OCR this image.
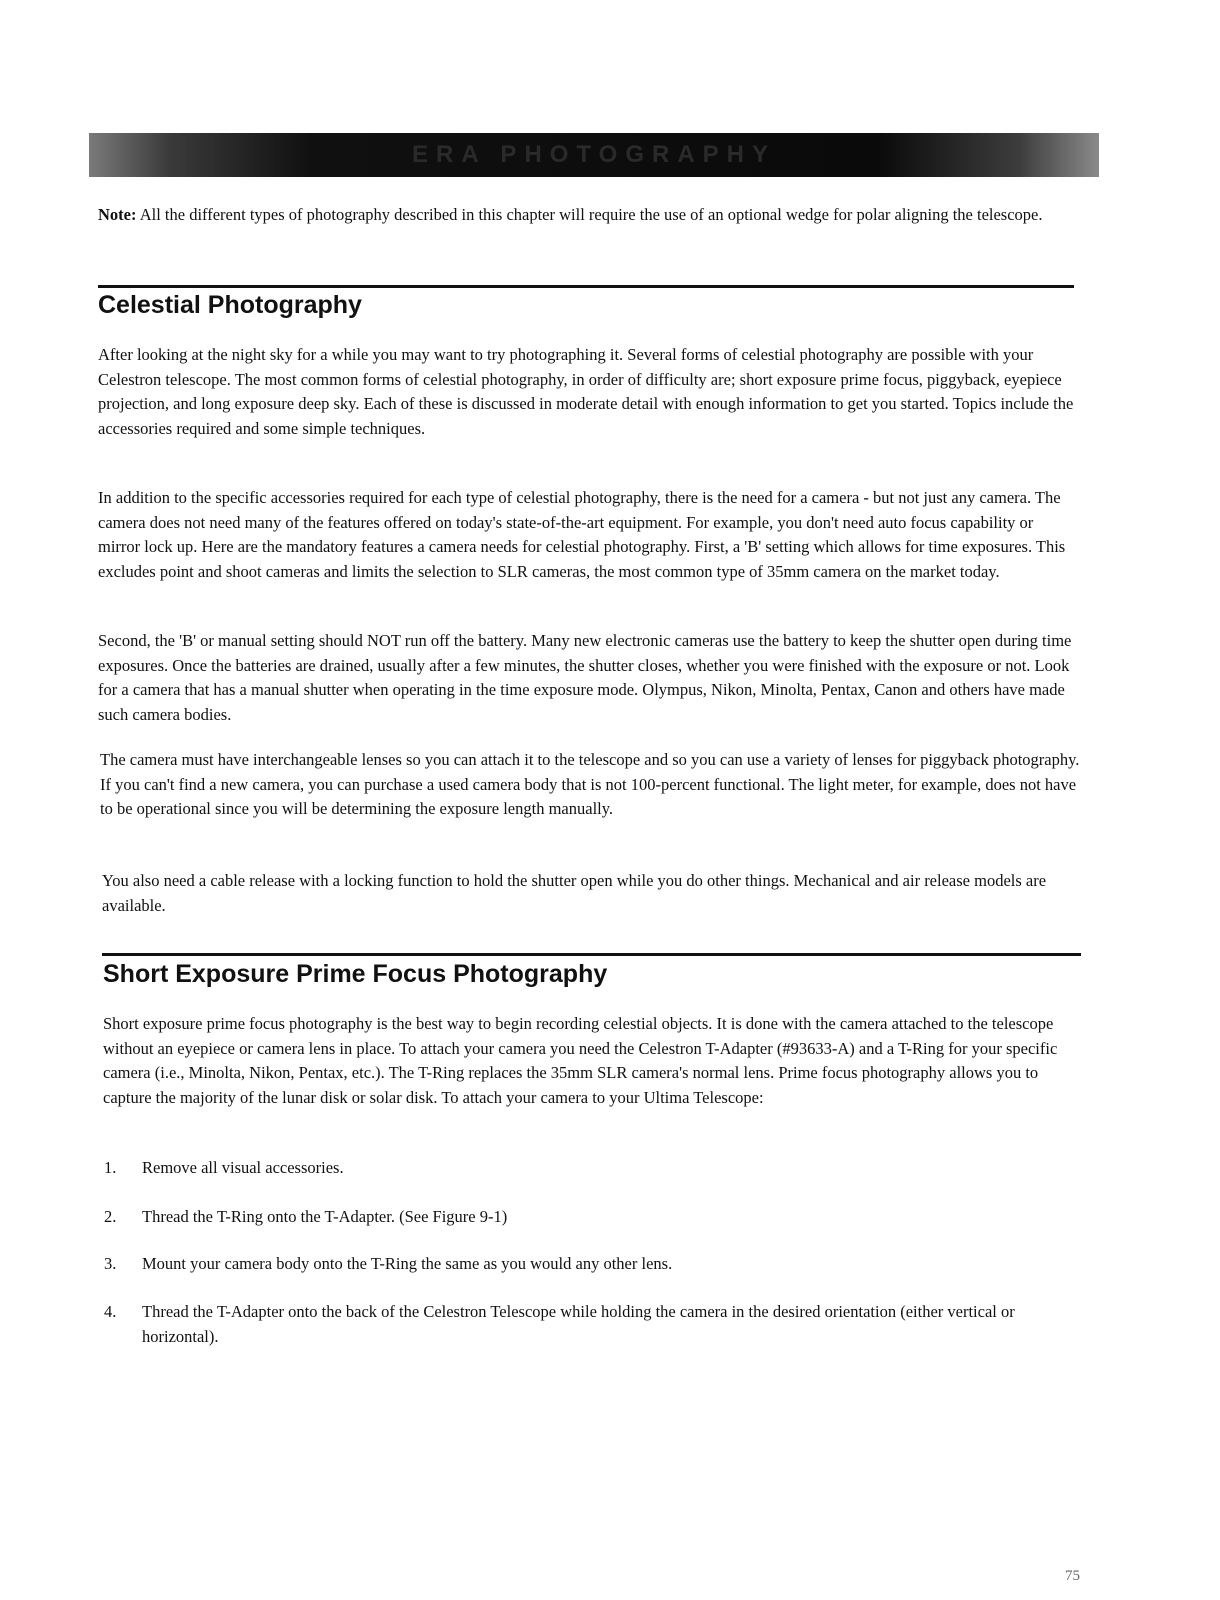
ERA PHOTOGRAPHY

Note: All the different types of photography described in this chapter will require the use of an optional wedge for polar aligning the telescope.

Celestial Photography

After looking at the night sky for a while you may want to try photographing it. Several forms of celestial photography are possible with your Celestron telescope. The most common forms of celestial photography, in order of difficulty are; short exposure prime focus, piggyback, eyepiece projection, and long exposure deep sky. Each of these is discussed in moderate detail with enough information to get you started. Topics include the accessories required and some simple techniques.

In addition to the specific accessories required for each type of celestial photography, there is the need for a camera - but not just any camera. The camera does not need many of the features offered on today's state-of-the-art equipment. For example, you don't need auto focus capability or mirror lock up. Here are the mandatory features a camera needs for celestial photography. First, a 'B' setting which allows for time exposures. This excludes point and shoot cameras and limits the selection to SLR cameras, the most common type of 35mm camera on the market today.

Second, the 'B' or manual setting should NOT run off the battery. Many new electronic cameras use the battery to keep the shutter open during time exposures. Once the batteries are drained, usually after a few minutes, the shutter closes, whether you were finished with the exposure or not. Look for a camera that has a manual shutter when operating in the time exposure mode. Olympus, Nikon, Minolta, Pentax, Canon and others have made such camera bodies.

The camera must have interchangeable lenses so you can attach it to the telescope and so you can use a variety of lenses for piggyback photography. If you can't find a new camera, you can purchase a used camera body that is not 100-percent functional. The light meter, for example, does not have to be operational since you will be determining the exposure length manually.

You also need a cable release with a locking function to hold the shutter open while you do other things. Mechanical and air release models are available.

Short Exposure Prime Focus Photography

Short exposure prime focus photography is the best way to begin recording celestial objects. It is done with the camera attached to the telescope without an eyepiece or camera lens in place. To attach your camera you need the Celestron T-Adapter (#93633-A) and a T-Ring for your specific camera (i.e., Minolta, Nikon, Pentax, etc.). The T-Ring replaces the 35mm SLR camera's normal lens. Prime focus photography allows you to capture the majority of the lunar disk or solar disk. To attach your camera to your Ultima Telescope:

1.	Remove all visual accessories.
2.	Thread the T-Ring onto the T-Adapter. (See Figure 9-1)
3.	Mount your camera body onto the T-Ring the same as you would any other lens.
4.	Thread the T-Adapter onto the back of the Celestron Telescope while holding the camera in the desired orientation (either vertical or horizontal).
75
